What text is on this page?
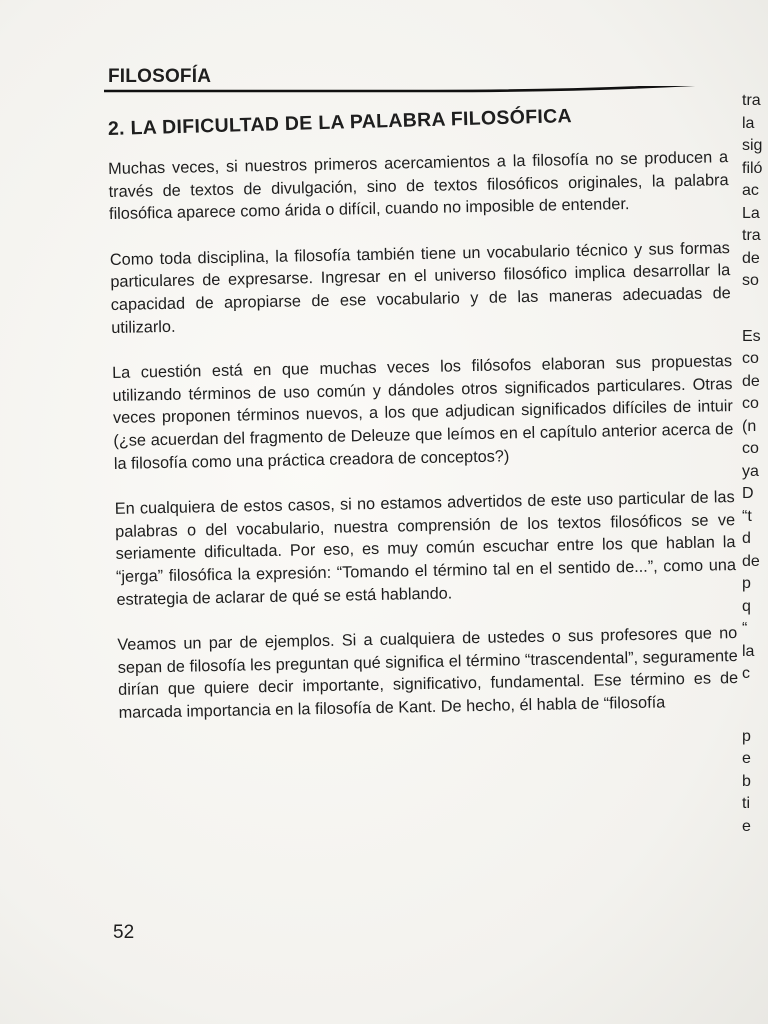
FILOSOFÍA
2. LA DIFICULTAD DE LA PALABRA FILOSÓFICA

Muchas veces, si nuestros primeros acercamientos a la filosofía no se producen a través de textos de divulgación, sino de textos filosóficos originales, la palabra filosófica aparece como árida o difícil, cuando no imposible de entender.

Como toda disciplina, la filosofía también tiene un vocabulario técnico y sus formas particulares de expresarse. Ingresar en el universo filosófico implica desarrollar la capacidad de apropiarse de ese vocabulario y de las maneras adecuadas de utilizarlo.

La cuestión está en que muchas veces los filósofos elaboran sus propuestas utilizando términos de uso común y dándoles otros significados particulares. Otras veces proponen términos nuevos, a los que adjudican significados difíciles de intuir (¿se acuerdan del fragmento de Deleuze que leímos en el capítulo anterior acerca de la filosofía como una práctica creadora de conceptos?)

En cualquiera de estos casos, si no estamos advertidos de este uso particular de las palabras o del vocabulario, nuestra comprensión de los textos filosóficos se ve seriamente dificultada. Por eso, es muy común escuchar entre los que hablan la “jerga” filosófica la expresión: “Tomando el término tal en el sentido de...”, como una estrategia de aclarar de qué se está hablando.

Veamos un par de ejemplos. Si a cualquiera de ustedes o sus profesores que no sepan de filosofía les preguntan qué significa el término “trascendental”, seguramente dirían que quiere decir importante, significativo, fundamental. Ese término es de marcada importancia en la filosofía de Kant. De hecho, él habla de “filosofía

52
tra
la
sig
filó
ac
La
tra
de
so
Es
co
de
co
(n
co
ya
D
“t
d
de
p
q
“
la
c
p
e
b
ti
e
